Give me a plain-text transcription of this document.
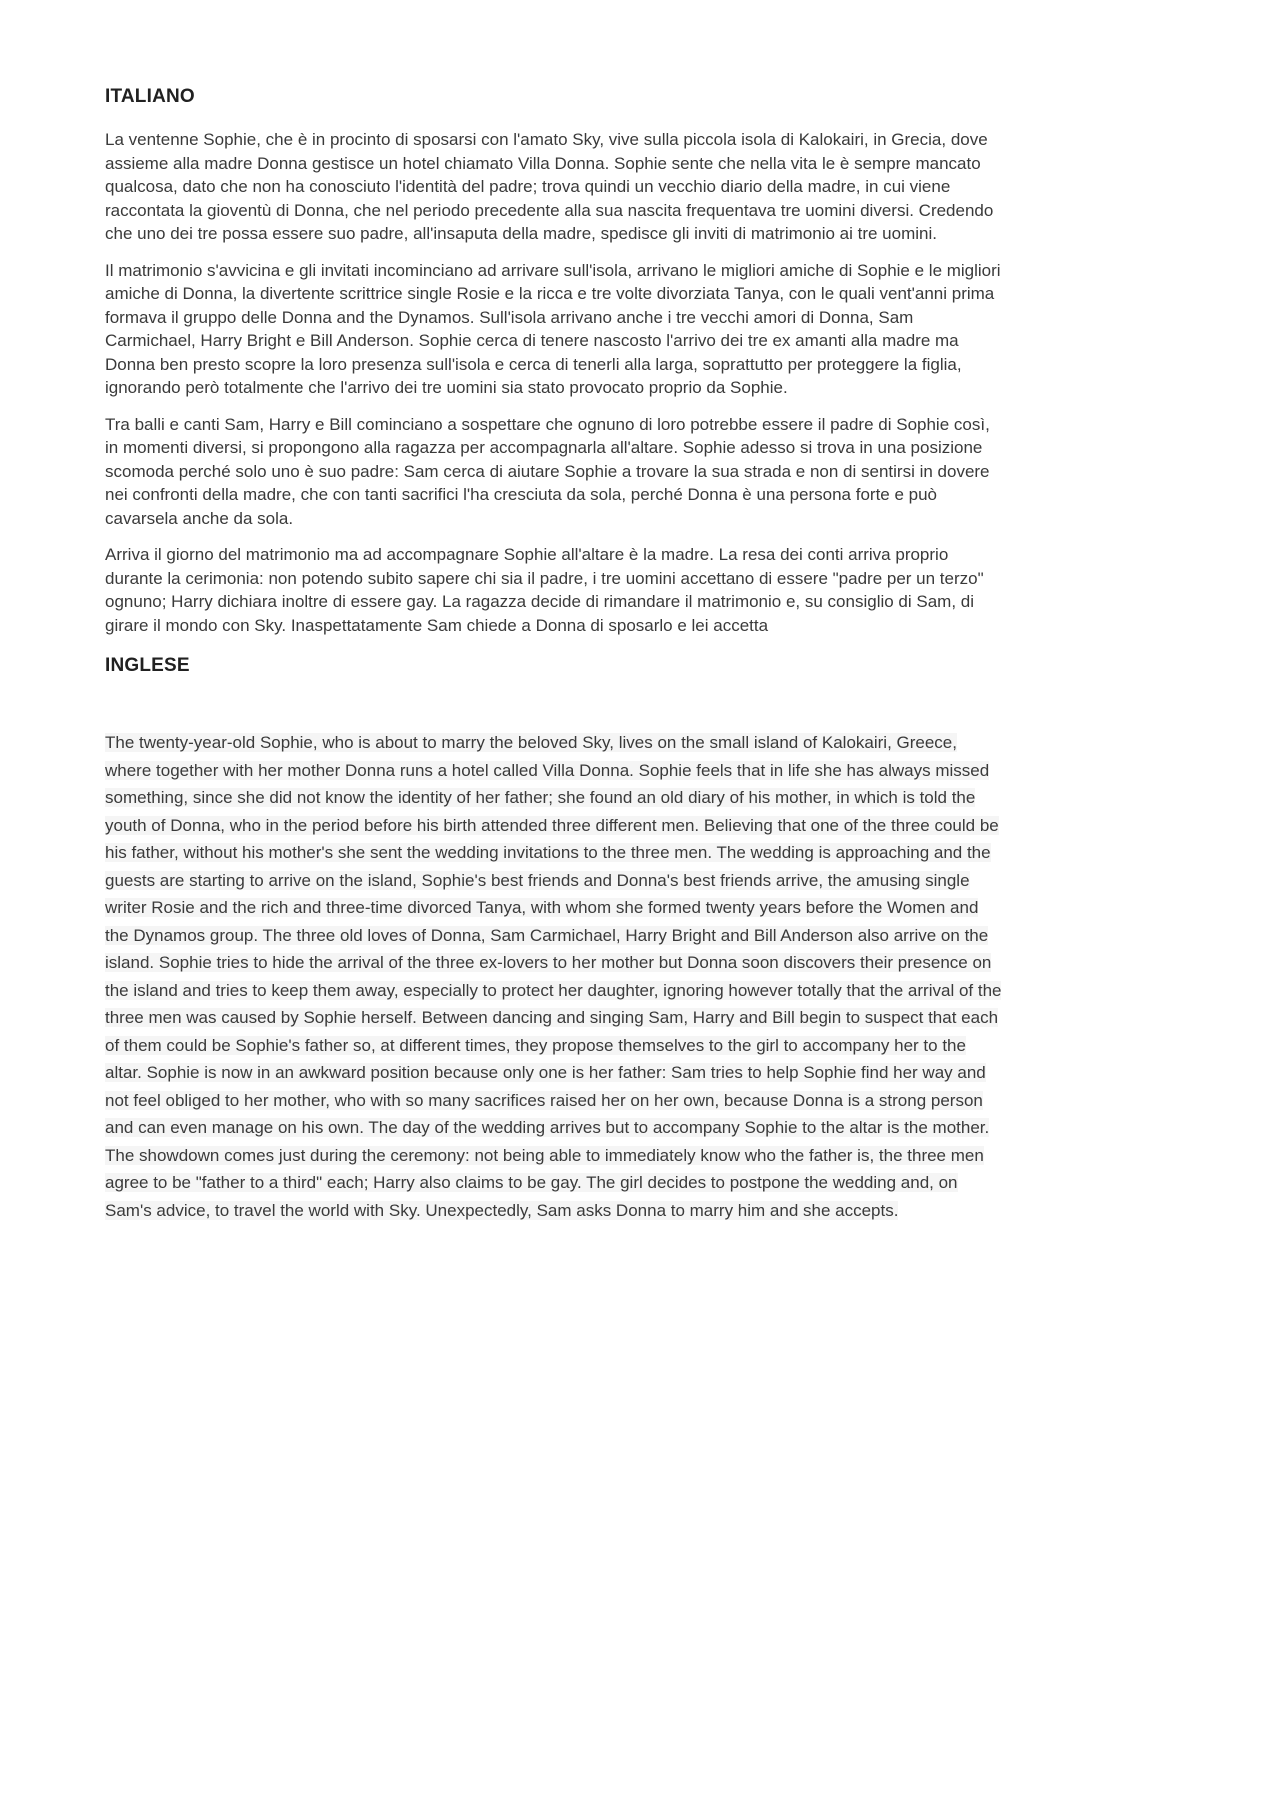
ITALIANO

La ventenne Sophie, che è in procinto di sposarsi con l'amato Sky, vive sulla piccola isola di Kalokairi, in Grecia, dove assieme alla madre Donna gestisce un hotel chiamato Villa Donna. Sophie sente che nella vita le è sempre mancato qualcosa, dato che non ha conosciuto l'identità del padre; trova quindi un vecchio diario della madre, in cui viene raccontata la gioventù di Donna, che nel periodo precedente alla sua nascita frequentava tre uomini diversi. Credendo che uno dei tre possa essere suo padre, all'insaputa della madre, spedisce gli inviti di matrimonio ai tre uomini.

Il matrimonio s'avvicina e gli invitati incominciano ad arrivare sull'isola, arrivano le migliori amiche di Sophie e le migliori amiche di Donna, la divertente scrittrice single Rosie e la ricca e tre volte divorziata Tanya, con le quali vent'anni prima formava il gruppo delle Donna and the Dynamos. Sull'isola arrivano anche i tre vecchi amori di Donna, Sam Carmichael, Harry Bright e Bill Anderson. Sophie cerca di tenere nascosto l'arrivo dei tre ex amanti alla madre ma Donna ben presto scopre la loro presenza sull'isola e cerca di tenerli alla larga, soprattutto per proteggere la figlia, ignorando però totalmente che l'arrivo dei tre uomini sia stato provocato proprio da Sophie.

Tra balli e canti Sam, Harry e Bill cominciano a sospettare che ognuno di loro potrebbe essere il padre di Sophie così, in momenti diversi, si propongono alla ragazza per accompagnarla all'altare. Sophie adesso si trova in una posizione scomoda perché solo uno è suo padre: Sam cerca di aiutare Sophie a trovare la sua strada e non di sentirsi in dovere nei confronti della madre, che con tanti sacrifici l'ha cresciuta da sola, perché Donna è una persona forte e può cavarsela anche da sola.

Arriva il giorno del matrimonio ma ad accompagnare Sophie all'altare è la madre. La resa dei conti arriva proprio durante la cerimonia: non potendo subito sapere chi sia il padre, i tre uomini accettano di essere "padre per un terzo" ognuno; Harry dichiara inoltre di essere gay. La ragazza decide di rimandare il matrimonio e, su consiglio di Sam, di girare il mondo con Sky. Inaspettatamente Sam chiede a Donna di sposarlo e lei accetta

INGLESE

The twenty-year-old Sophie, who is about to marry the beloved Sky, lives on the small island of Kalokairi, Greece, where together with her mother Donna runs a hotel called Villa Donna. Sophie feels that in life she has always missed something, since she did not know the identity of her father; she found an old diary of his mother, in which is told the youth of Donna, who in the period before his birth attended three different men. Believing that one of the three could be his father, without his mother's she sent the wedding invitations to the three men. The wedding is approaching and the guests are starting to arrive on the island, Sophie's best friends and Donna's best friends arrive, the amusing single writer Rosie and the rich and three-time divorced Tanya, with whom she formed twenty years before the Women and the Dynamos group. The three old loves of Donna, Sam Carmichael, Harry Bright and Bill Anderson also arrive on the island. Sophie tries to hide the arrival of the three ex-lovers to her mother but Donna soon discovers their presence on the island and tries to keep them away, especially to protect her daughter, ignoring however totally that the arrival of the three men was caused by Sophie herself. Between dancing and singing Sam, Harry and Bill begin to suspect that each of them could be Sophie's father so, at different times, they propose themselves to the girl to accompany her to the altar. Sophie is now in an awkward position because only one is her father: Sam tries to help Sophie find her way and not feel obliged to her mother, who with so many sacrifices raised her on her own, because Donna is a strong person and can even manage on his own. The day of the wedding arrives but to accompany Sophie to the altar is the mother. The showdown comes just during the ceremony: not being able to immediately know who the father is, the three men agree to be "father to a third" each; Harry also claims to be gay. The girl decides to postpone the wedding and, on Sam's advice, to travel the world with Sky. Unexpectedly, Sam asks Donna to marry him and she accepts.
